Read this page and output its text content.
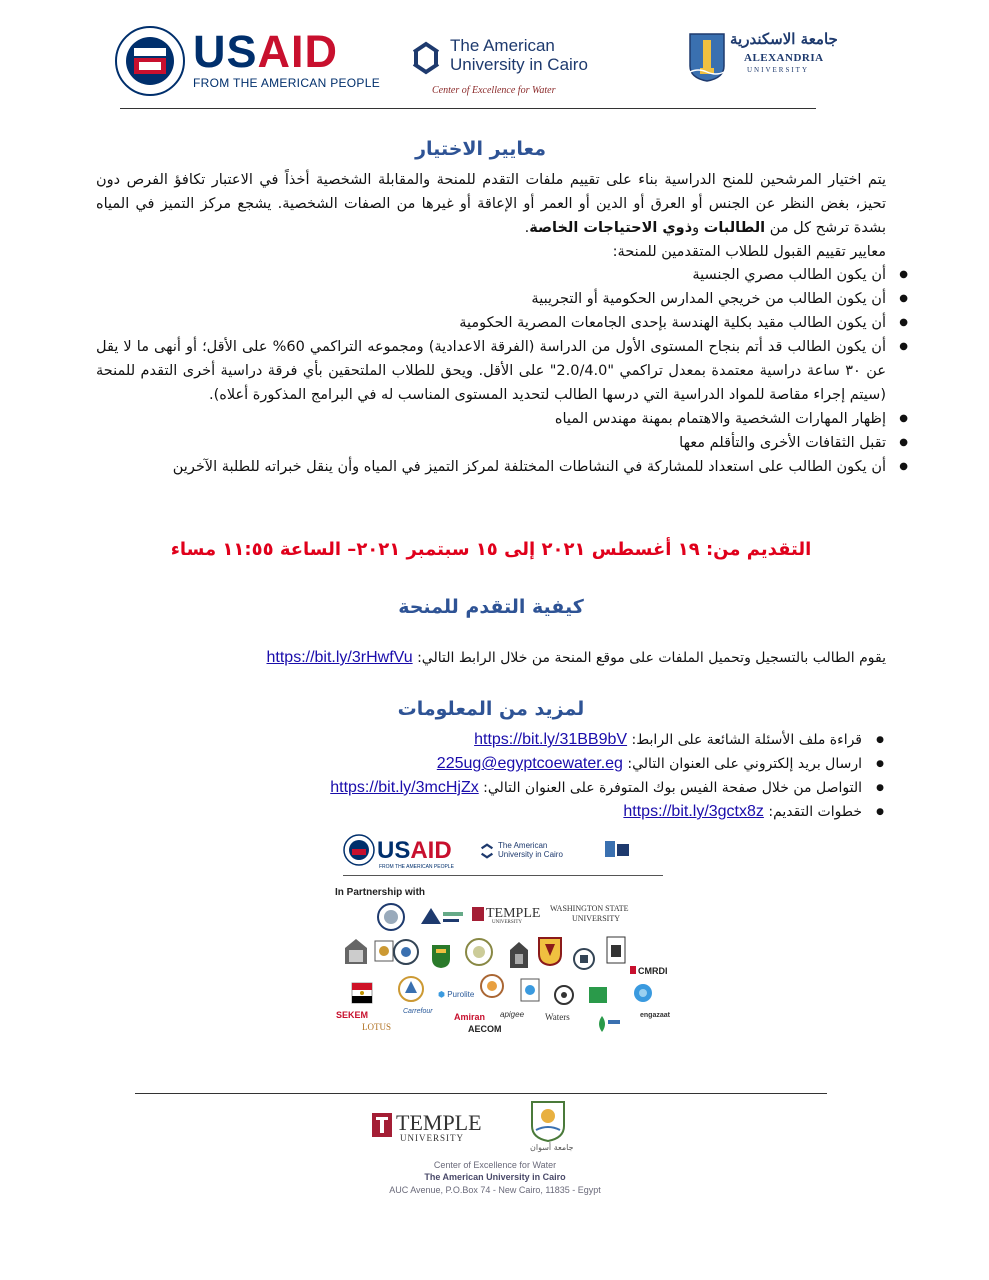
USAID
FROM THE AMERICAN PEOPLE
The American
University in Cairo
Center of Excellence for Water
جامعة الاسكندرية
ALEXANDRIA
UNIVERSITY
معايير الاختيار
يتم اختيار المرشحين للمنح الدراسية بناء على تقييم ملفات التقدم للمنحة والمقابلة الشخصية أخذاً في الاعتبار تكافؤ الفرص دون تحيز، بغض النظر عن الجنس أو العرق أو الدين أو العمر أو الإعاقة أو غيرها من الصفات الشخصية. يشجع مركز التميز في المياه بشدة ترشح كل من الطالبات وذوي الاحتياجات الخاصة.
معايير تقييم القبول للطلاب المتقدمين للمنحة:
● أن يكون الطالب مصري الجنسية
● أن يكون الطالب من خريجي المدارس الحكومية أو التجريبية
● أن يكون الطالب مقيد بكلية الهندسة بإحدى الجامعات المصرية الحكومية
● أن يكون الطالب قد أتم بنجاح المستوى الأول من الدراسة (الفرقة الاعدادية) ومجموعه التراكمي 60% على الأقل؛ أو أنهى ما لا يقل عن ٣٠ ساعة دراسية معتمدة بمعدل تراكمي "2.0/4.0" على الأقل. ويحق للطلاب الملتحقين بأي فرقة دراسية أخرى التقدم للمنحة (سيتم إجراء مقاصة للمواد الدراسية التي درسها الطالب لتحديد المستوى المناسب له في البرامج المذكورة أعلاه).
● إظهار المهارات الشخصية والاهتمام بمهنة مهندس المياه
● تقبل الثقافات الأخرى والتأقلم معها
● أن يكون الطالب على استعداد للمشاركة في النشاطات المختلفة لمركز التميز في المياه وأن ينقل خبراته للطلبة الآخرين
التقديم من: ١٩ أغسطس ٢٠٢١ إلى ١٥ سبتمبر ٢٠٢١– الساعة ١١:٥٥ مساء
كيفية التقدم للمنحة
يقوم الطالب بالتسجيل وتحميل الملفات على موقع المنحة من خلال الرابط التالي: https://bit.ly/3rHwfVu
لمزيد من المعلومات
● قراءة ملف الأسئلة الشائعة على الرابط: https://bit.ly/31BB9bV
● ارسال بريد إلكتروني على العنوان التالي: 225ug@egyptcoewater.eg
● التواصل من خلال صفحة الفيس بوك المتوفرة على العنوان التالي: https://bit.ly/3mcHjZx
● خطوات التقديم: https://bit.ly/3gctx8z
USAID
FROM THE AMERICAN PEOPLE
The American
University in Cairo
In Partnership with
TEMPLE
UNIVERSITY
WASHINGTON STATE
UNIVERSITY
CMRDI
⬢ Purolite
SEKEM
LOTUS
Carrefour
Amiran
AECOM
apigee Waters	engazaat
TEMPLE
UNIVERSITY
جامعة أسوان
Center of Excellence for Water
The American University in Cairo
AUC Avenue, P.O.Box 74 - New Cairo, 11835 - Egypt
